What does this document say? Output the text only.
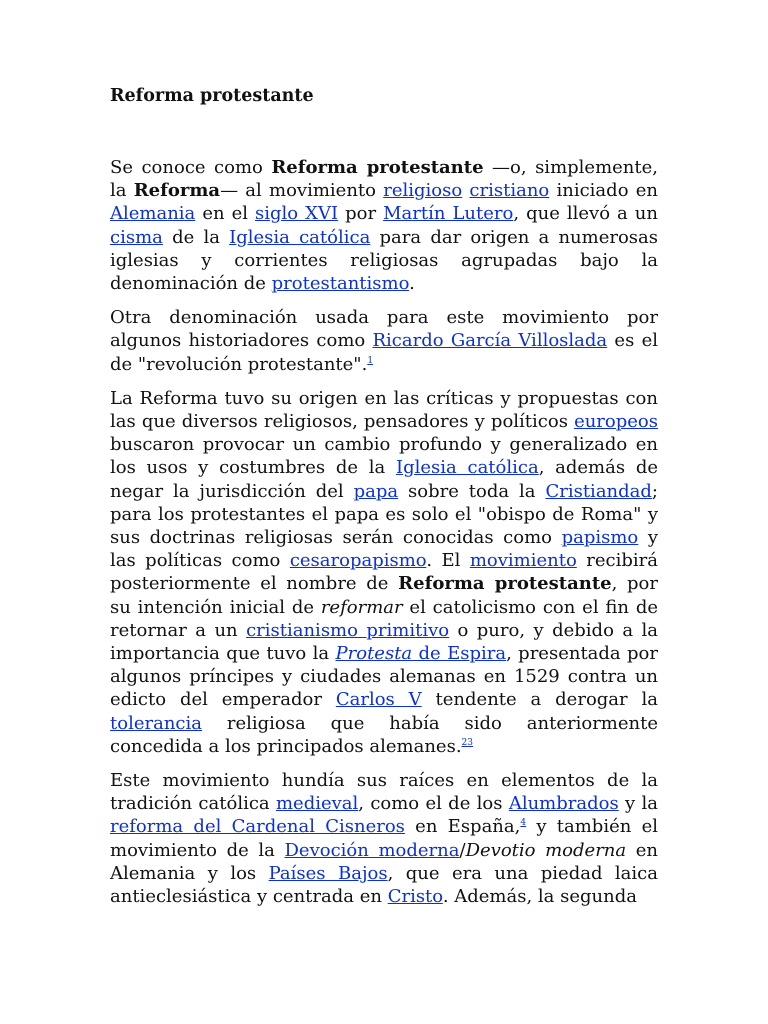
Reforma protestante

Se conoce como Reforma protestante —o, simplemente, la Reforma— al movimiento religioso cristiano iniciado en Alemania en el siglo XVI por Martín Lutero, que llevó a un cisma de la Iglesia católica para dar origen a numerosas iglesias y corrientes religiosas agrupadas bajo la denominación de protestantismo.

Otra denominación usada para este movimiento por algunos historiadores como Ricardo García Villoslada es el de "revolución protestante".$^1$

La Reforma tuvo su origen en las críticas y propuestas con las que diversos religiosos, pensadores y políticos europeos buscaron provocar un cambio profundo y generalizado en los usos y costumbres de la Iglesia católica, además de negar la jurisdicción del papa sobre toda la Cristiandad; para los protestantes el papa es solo el "obispo de Roma" y sus doctrinas religiosas serán conocidas como papismo y las políticas como cesaropapismo. El movimiento recibirá posteriormente el nombre de Reforma protestante, por su intención inicial de reformar el catolicismo con el fin de retornar a un cristianismo primitivo o puro, y debido a la importancia que tuvo la Protesta de Espira, presentada por algunos príncipes y ciudades alemanas en 1529 contra un edicto del emperador Carlos V tendente a derogar la tolerancia religiosa que había sido anteriormente concedida a los principados alemanes.$^{23}$

Este movimiento hundía sus raíces en elementos de la tradición católica medieval, como el de los Alumbrados y la reforma del Cardenal Cisneros en España,$^4$ y también el movimiento de la Devoción moderna/Devotio moderna en Alemania y los Países Bajos, que era una piedad laica antieclesiástica y centrada en Cristo. Además, la segunda
